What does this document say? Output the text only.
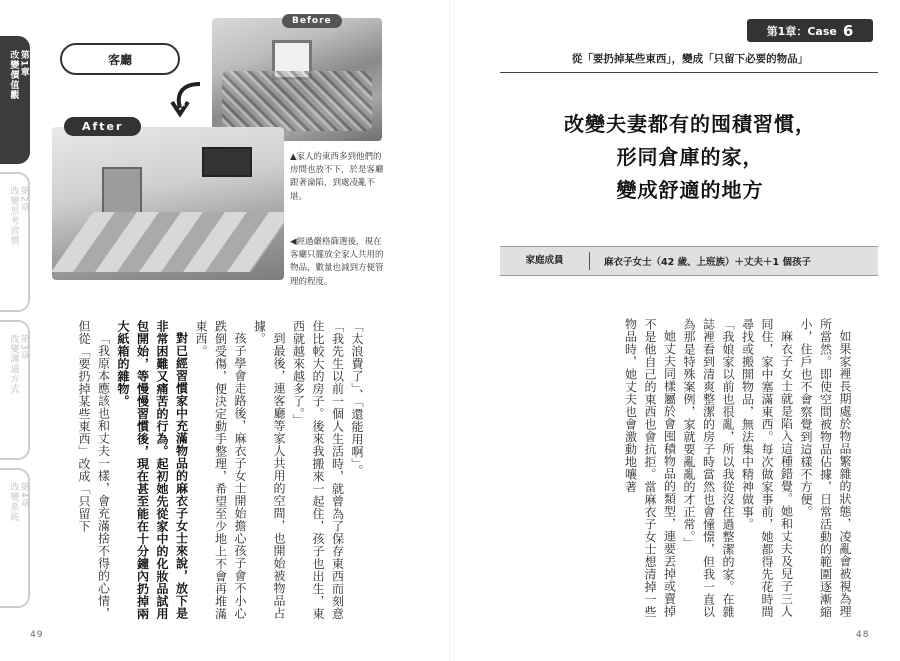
第1章
改變價值觀
第2章
改變思考習慣
第3章
改變溝通方式
第4章
改變系統
Before
客廳
After
▲家人的東西多到他們的房間也放不下，於是客廳跟著淪陷，到處凌亂不堪。
◀經過嚴格篩選後，現在客廳只擺放全家人共用的物品，數量也減到方便管理的程度。

「太浪費了」、「還能用啊」。

「我先生以前一個人生活時，就曾為了保存東西而刻意住比較大的房子。後來我搬來一起住，孩子也出生，東西就越來越多了。」

到最後，連客廳等家人共用的空間，也開始被物品占據。

孩子學會走路後，麻衣子女士開始擔心孩子會不小心跌倒受傷，便決定動手整理，希望至少地上不會再堆滿東西。

對已經習慣家中充滿物品的麻衣子女士來說，放下是非常困難又痛苦的行為。起初她先從家中的化妝品試用包開始，等慢慢習慣後，現在甚至能在十分鐘內扔掉兩大紙箱的雜物。

「我原本應該也和丈夫一樣，會充滿捨不得的心情，但從「要扔掉某些東西」改成「只留下

49
第1章：Case 6
從「要扔掉某些東西」，變成「只留下必要的物品」
改變夫妻都有的囤積習慣，
形同倉庫的家，
變成舒適的地方
家庭成員	麻衣子女士（42 歲、上班族）＋丈夫＋1 個孩子

如果家裡長期處於物品繁雜的狀態，凌亂會被視為理所當然。即使空間被物品佔據，日常活動的範圍逐漸縮小，住戶也不會察覺到這樣不方便。

麻衣子女士就是陷入這種錯覺。她和丈夫及兒子三人同住，家中塞滿東西。每次做家事前，她都得先花時間尋找或搬開物品，無法集中精神做事。

「我娘家以前也很亂，所以我從沒住過整潔的家。在雜誌裡看到清爽整潔的房子時當然也會憧憬，但我一直以為那是特殊案例，家就要亂亂的才正常。」

她丈夫同樣屬於會囤積物品的類型，連要丟掉或賣掉不是他自己的東西也會抗拒。當麻衣子女士想清掉一些物品時，她丈夫也會激動地嚷著

48
